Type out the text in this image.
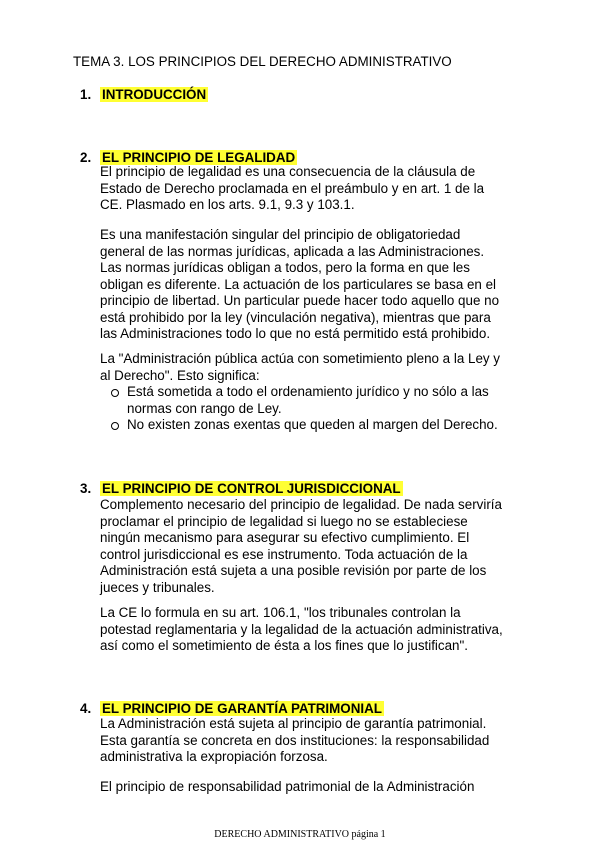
TEMA 3. LOS PRINCIPIOS DEL DERECHO ADMINISTRATIVO
1. INTRODUCCIÓN
2. EL PRINCIPIO DE LEGALIDAD
El principio de legalidad es una consecuencia de la cláusula de
Estado de Derecho proclamada en el preámbulo y en art. 1 de la
CE. Plasmado en los arts. 9.1, 9.3 y 103.1.
Es una manifestación singular del principio de obligatoriedad
general de las normas jurídicas, aplicada a las Administraciones.
Las normas jurídicas obligan a todos, pero la forma en que les
obligan es diferente. La actuación de los particulares se basa en el
principio de libertad. Un particular puede hacer todo aquello que no
está prohibido por la ley (vinculación negativa), mientras que para
las Administraciones todo lo que no está permitido está prohibido.
La "Administración pública actúa con sometimiento pleno a la Ley y
al Derecho". Esto significa:
Está sometida a todo el ordenamiento jurídico y no sólo a las
normas con rango de Ley.
No existen zonas exentas que queden al margen del Derecho.
3. EL PRINCIPIO DE CONTROL JURISDICCIONAL
Complemento necesario del principio de legalidad. De nada serviría
proclamar el principio de legalidad si luego no se estableciese
ningún mecanismo para asegurar su efectivo cumplimiento. El
control jurisdiccional es ese instrumento. Toda actuación de la
Administración está sujeta a una posible revisión por parte de los
jueces y tribunales.
La CE lo formula en su art. 106.1, "los tribunales controlan la
potestad reglamentaria y la legalidad de la actuación administrativa,
así como el sometimiento de ésta a los fines que lo justifican".
4. EL PRINCIPIO DE GARANTÍA PATRIMONIAL
La Administración está sujeta al principio de garantía patrimonial.
Esta garantía se concreta en dos instituciones: la responsabilidad
administrativa la expropiación forzosa.
El principio de responsabilidad patrimonial de la Administración
DERECHO ADMINISTRATIVO página 1
